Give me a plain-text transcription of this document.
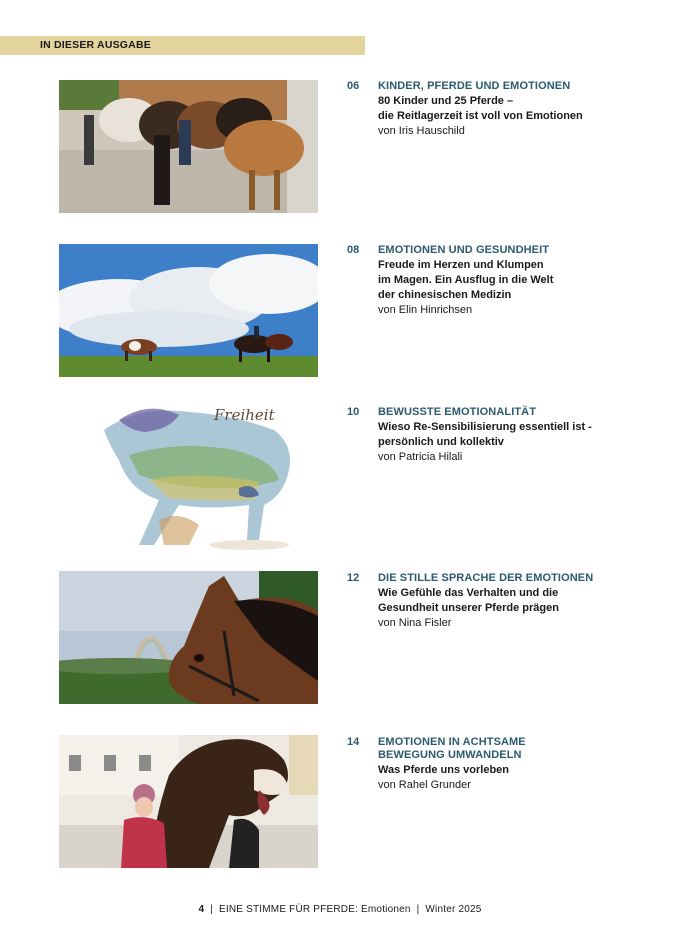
IN DIESER AUSGABE
06 KINDER, PFERDE UND EMOTIONEN
80 Kinder und 25 Pferde –
die Reitlagerzeit ist voll von Emotionen
von Iris Hauschild
08 EMOTIONEN UND GESUNDHEIT
Freude im Herzen und Klumpen
im Magen. Ein Ausflug in die Welt
der chinesischen Medizin
von Elin Hinrichsen
Freiheit	10 BEWUSSTE EMOTIONALITÄT
Wieso Re-Sensibilisierung essentiell ist -
persönlich und kollektiv
von Patricia Hilali
12 DIE STILLE SPRACHE DER EMOTIONEN
Wie Gefühle das Verhalten und die
Gesundheit unserer Pferde prägen
von Nina Fisler
14 EMOTIONEN IN ACHTSAME
BEWEGUNG UMWANDELN
Was Pferde uns vorleben
von Rahel Grunder
4 | EINE STIMME FÜR PFERDE: Emotionen | Winter 2025
